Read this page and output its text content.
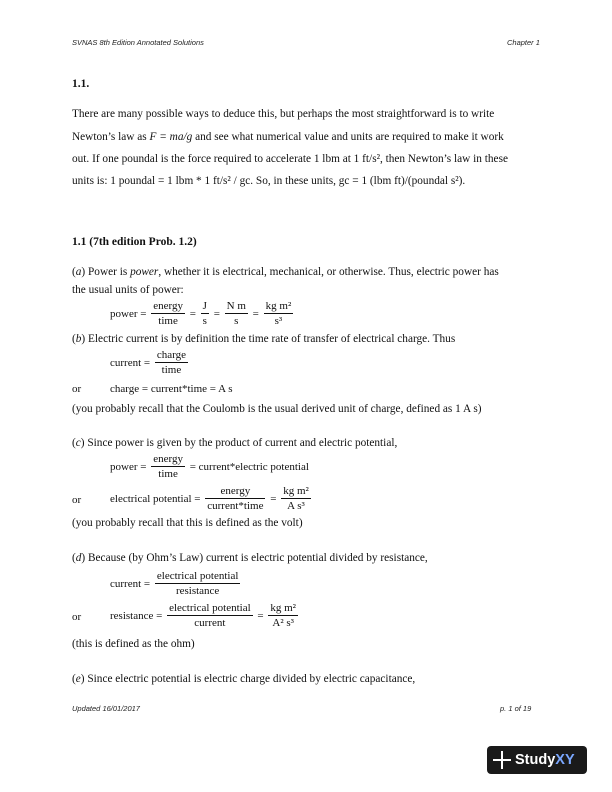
SVNAS 8th Edition Annotated Solutions	Chapter 1
1.1.
There are many possible ways to deduce this, but perhaps the most straightforward is to write
Newton’s law as F = ma/g and see what numerical value and units are required to make it work
out. If one poundal is the force required to accelerate 1 lbm at 1 ft/s², then Newton’s law in these
units is: 1 poundal = 1 lbm * 1 ft/s² / gc. So, in these units, gc = 1 (lbm ft)/(poundal s²).
1.1 (7th edition Prob. 1.2)
(a) Power is power, whether it is electrical, mechanical, or otherwise. Thus, electric power has
the usual units of power:
power = $\frac{\text{energy}}{\text{time}} = \frac{J}{s} = \frac{\text{N m}}{s} = \frac{\text{kg m²}}{\text{s³}}$
(b) Electric current is by definition the time rate of transfer of electrical charge. Thus
current = $\frac{\text{charge}}{\text{time}}$
or	charge = current*time = A s
(you probably recall that the Coulomb is the usual derived unit of charge, defined as 1 A s)
(c) Since power is given by the product of current and electric potential,
power = $\frac{\text{energy}}{\text{time}}$ = current*electric potential
or	electrical potential = $\frac{\text{energy}}{\text{current*time}} = \frac{\text{kg m²}}{\text{A s³}}$
(you probably recall that this is defined as the volt)
(d) Because (by Ohm’s Law) current is electric potential divided by resistance,
current = $\frac{\text{electrical potential}}{\text{resistance}}$
or	resistance = $\frac{\text{electrical potential}}{\text{current}} = \frac{\text{kg m²}}{\text{A² s³}}$
(this is defined as the ohm)
(e) Since electric potential is electric charge divided by electric capacitance,
Updated 16/01/2017	p. 1 of 19
StudyXY
